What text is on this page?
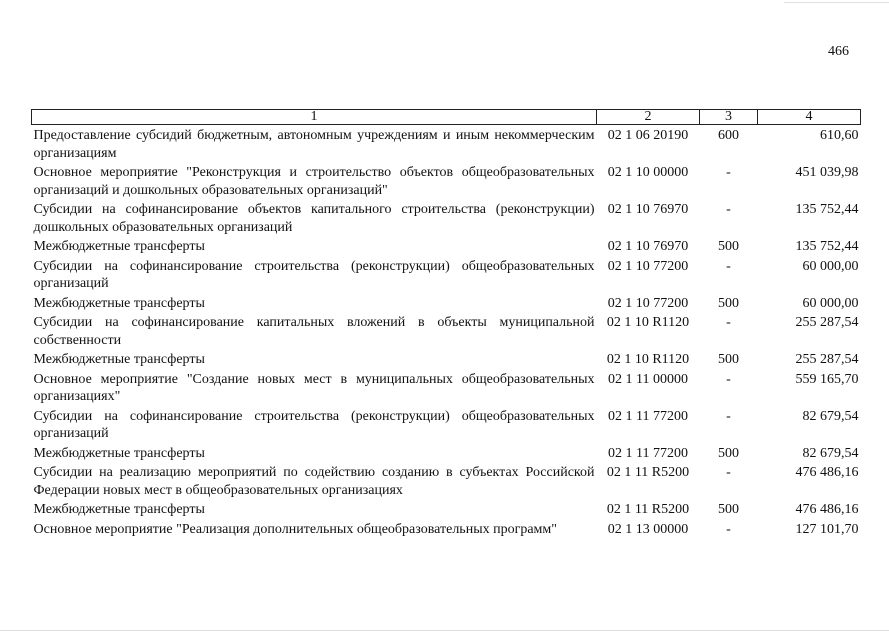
466
1	2	3	4
Предоставление субсидий бюджетным, автономным учреждениям и иным некоммерческим организациям	02 1 06 20190	600	610,60
Основное мероприятие "Реконструкция и строительство объектов общеобразовательных организаций и дошкольных образовательных организаций"	02 1 10 00000	-	451 039,98
Субсидии на софинансирование объектов капитального строительства (реконструкции) дошкольных образовательных организаций	02 1 10 76970	-	135 752,44
Межбюджетные трансферты	02 1 10 76970	500	135 752,44
Субсидии на софинансирование строительства (реконструкции) общеобразовательных организаций	02 1 10 77200	-	60 000,00
Межбюджетные трансферты	02 1 10 77200	500	60 000,00
Субсидии на софинансирование капитальных вложений в объекты муниципальной собственности	02 1 10 R1120	-	255 287,54
Межбюджетные трансферты	02 1 10 R1120	500	255 287,54
Основное мероприятие "Создание новых мест в муниципальных общеобразовательных организациях"	02 1 11 00000	-	559 165,70
Субсидии на софинансирование строительства (реконструкции) общеобразовательных организаций	02 1 11 77200	-	82 679,54
Межбюджетные трансферты	02 1 11 77200	500	82 679,54
Субсидии на реализацию мероприятий по содействию созданию в субъектах Российской Федерации новых мест в общеобразовательных организациях	02 1 11 R5200	-	476 486,16
Межбюджетные трансферты	02 1 11 R5200	500	476 486,16
Основное мероприятие "Реализация дополнительных общеобразовательных программ"	02 1 13 00000	-	127 101,70
